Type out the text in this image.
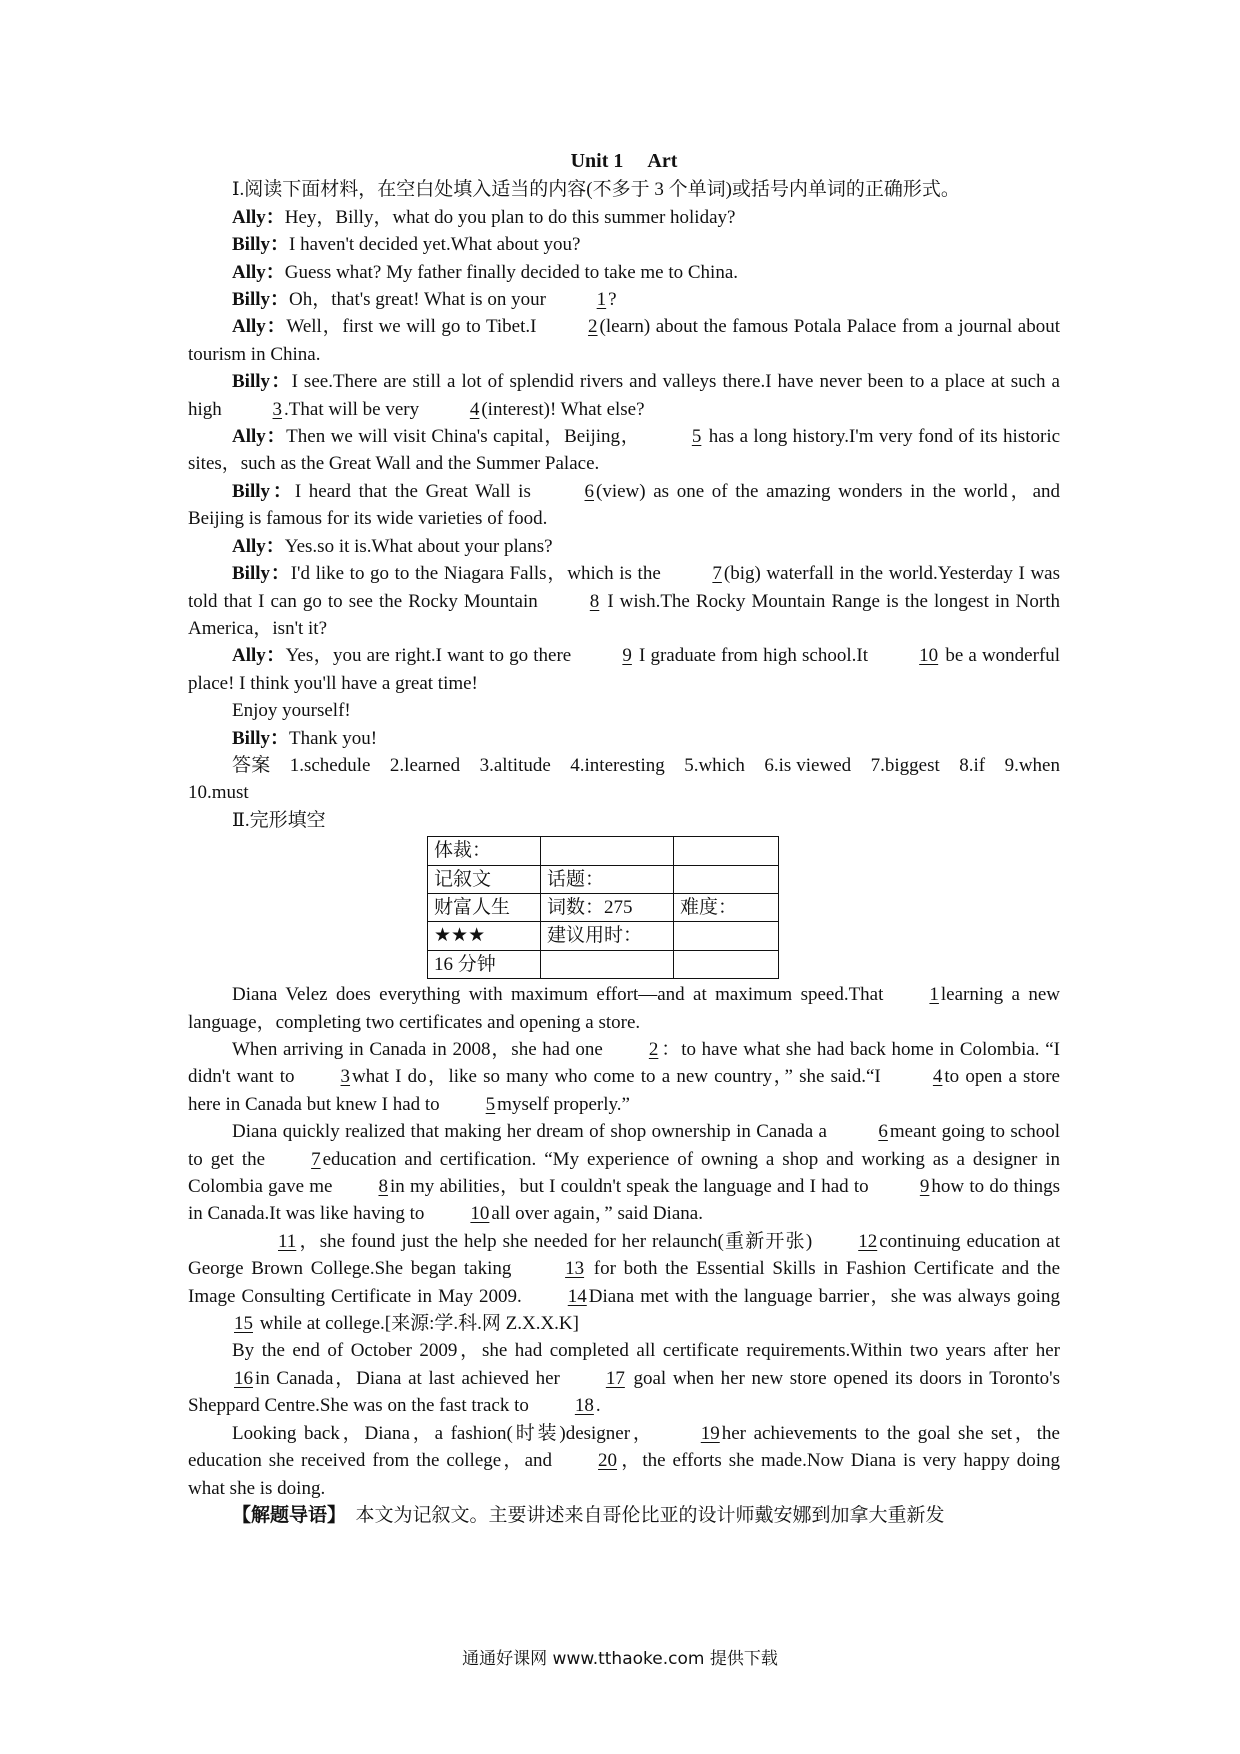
Unit 1 Art

Ⅰ.阅读下面材料，在空白处填入适当的内容(不多于 3 个单词)或括号内单词的正确形式。

Ally：Hey，Billy，what do you plan to do this summer holiday?

Billy：I haven't decided yet.What about you?

Ally：Guess what? My father finally decided to take me to China.

Billy：Oh，that's great! What is on your	1 ?

Ally：Well，first we will go to Tibet.I	2 (learn) about the famous Potala Palace from a journal about tourism in China.

Billy：I see.There are still a lot of splendid rivers and valleys there.I have never been to a place at such a high	3 .That will be very	4 (interest)! What else?

Ally：Then we will visit China's capital，Beijing，	5 has a long history.I'm very fond of its historic sites，such as the Great Wall and the Summer Palace.

Billy：I heard that the Great Wall is	6 (view) as one of the amazing wonders in the world，and Beijing is famous for its wide varieties of food.

Ally：Yes.so it is.What about your plans?

Billy：I'd like to go to the Niagara Falls，which is the	7 (big) waterfall in the world.Yesterday I was told that I can go to see the Rocky Mountain	8 I wish.The Rocky Mountain Range is the longest in North America，isn't it?

Ally：Yes，you are right.I want to go there	9 I graduate from high school.It	10 be a wonderful place! I think you'll have a great time!

Enjoy yourself!

Billy：Thank you!

答案　 1.schedule　2.learned　3.altitude　4.interesting　5.which　6.is viewed　7.biggest　8.if　9.when　10.must

Ⅱ.完形填空

体裁：		
记叙文	话题：	
财富人生	词数：275	难度：
★★★	建议用时：	
16 分钟		

Diana Velez does everything with maximum effort—and at maximum speed.That 1 learning a new language，completing two certificates and opening a store.

When arriving in Canada in 2008，she had one 2 ：to have what she had back home in Colombia. “I didn't want to 3 what I do，like so many who come to a new country，” she said.“I	4 to open a store here in Canada but knew I had to 5 myself properly.”

Diana quickly realized that making her dream of shop ownership in Canada a	6 meant going to school to get the 7 education and certification. “My experience of owning a shop and working as a designer in Colombia gave me 8 in my abilities，but I couldn't speak the language and I had to	9 how to do things in Canada.It was like having to 10 all over again，” said Diana.

11 ，she found just the help she needed for her relaunch(重新开张) 12 continuing education at George Brown College.She began taking	13 for both the Essential Skills in Fashion Certificate and the Image Consulting Certificate in May 2009. 14 Diana met with the language barrier，she was always going15 while at college.[来源:学.科.网 Z.X.X.K]

By the end of October 2009，she had completed all certificate requirements.Within two years after her16 in Canada，Diana at last achieved her 17 goal when her new store opened its doors in Toronto's Sheppard Centre.She was on the fast track to 18 .

Looking back，Diana，a fashion(时装)designer， 19 her achievements to the goal she set，the education she received from the college，and 20 ，the efforts she made.Now Diana is very happy doing what she is doing.

【解题导语】　 本文为记叙文。主要讲述来自哥伦比亚的设计师戴安娜到加拿大重新发

通通好课网 www.tthaoke.com 提供下载
